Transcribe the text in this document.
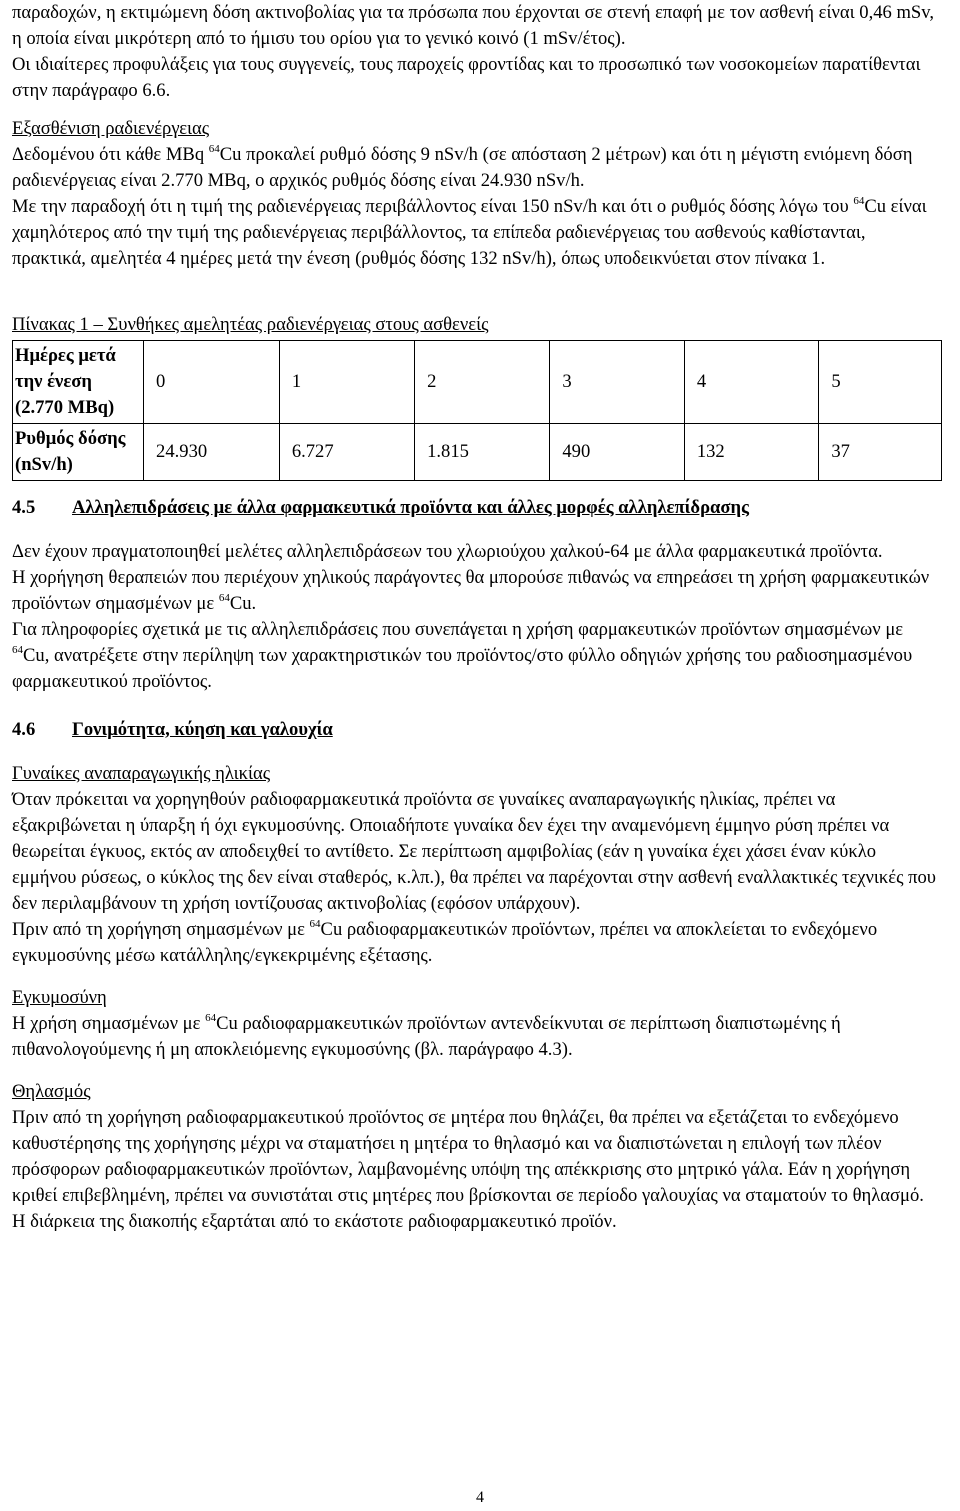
παραδοχών, η εκτιμώμενη δόση ακτινοβολίας για τα πρόσωπα που έρχονται σε στενή επαφή με τον ασθενή είναι 0,46 mSv, η οποία είναι μικρότερη από το ήμισυ του ορίου για το γενικό κοινό (1 mSv/έτος).

Οι ιδιαίτερες προφυλάξεις για τους συγγενείς, τους παροχείς φροντίδας και το προσωπικό των νοσοκομείων παρατίθενται στην παράγραφο 6.6.

Εξασθένιση ραδιενέργειας

Δεδομένου ότι κάθε MBq $^{64}$Cu προκαλεί ρυθμό δόσης 9 nSv/h (σε απόσταση 2 μέτρων) και ότι η μέγιστη ενιόμενη δόση ραδιενέργειας είναι 2.770 MBq, ο αρχικός ρυθμός δόσης είναι 24.930 nSv/h.

Με την παραδοχή ότι η τιμή της ραδιενέργειας περιβάλλοντος είναι 150 nSv/h και ότι ο ρυθμός δόσης λόγω του $^{64}$Cu είναι χαμηλότερος από την τιμή της ραδιενέργειας περιβάλλοντος, τα επίπεδα ραδιενέργειας του ασθενούς καθίστανται, πρακτικά, αμελητέα 4 ημέρες μετά την ένεση (ρυθμός δόσης 132 nSv/h), όπως υποδεικνύεται στον πίνακα 1.

Πίνακας 1 – Συνθήκες αμελητέας ραδιενέργειας στους ασθενείς

Ημέρες μετά την ένεση (2.770 MBq)	0	1	2	3	4	5
Ρυθμός δόσης (nSv/h)	24.930	6.727	1.815	490	132	37
4.5	Αλληλεπιδράσεις με άλλα φαρμακευτικά προϊόντα και άλλες μορφές αλληλεπίδρασης

Δεν έχουν πραγματοποιηθεί μελέτες αλληλεπιδράσεων του χλωριούχου χαλκού-64 με άλλα φαρμακευτικά προϊόντα.

Η χορήγηση θεραπειών που περιέχουν χηλικούς παράγοντες θα μπορούσε πιθανώς να επηρεάσει τη χρήση φαρμακευτικών προϊόντων σημασμένων με $^{64}$Cu.

Για πληροφορίες σχετικά με τις αλληλεπιδράσεις που συνεπάγεται η χρήση φαρμακευτικών προϊόντων σημασμένων με $^{64}$Cu, ανατρέξετε στην περίληψη των χαρακτηριστικών του προϊόντος/στο φύλλο οδηγιών χρήσης του ραδιοσημασμένου φαρμακευτικού προϊόντος.

4.6	Γονιμότητα, κύηση και γαλουχία

Γυναίκες αναπαραγωγικής ηλικίας

Όταν πρόκειται να χορηγηθούν ραδιοφαρμακευτικά προϊόντα σε γυναίκες αναπαραγωγικής ηλικίας, πρέπει να εξακριβώνεται η ύπαρξη ή όχι εγκυμοσύνης. Οποιαδήποτε γυναίκα δεν έχει την αναμενόμενη έμμηνο ρύση πρέπει να θεωρείται έγκυος, εκτός αν αποδειχθεί το αντίθετο. Σε περίπτωση αμφιβολίας (εάν η γυναίκα έχει χάσει έναν κύκλο εμμήνου ρύσεως, ο κύκλος της δεν είναι σταθερός, κ.λπ.), θα πρέπει να παρέχονται στην ασθενή εναλλακτικές τεχνικές που δεν περιλαμβάνουν τη χρήση ιοντίζουσας ακτινοβολίας (εφόσον υπάρχουν).

Πριν από τη χορήγηση σημασμένων με $^{64}$Cu ραδιοφαρμακευτικών προϊόντων, πρέπει να αποκλείεται το ενδεχόμενο εγκυμοσύνης μέσω κατάλληλης/εγκεκριμένης εξέτασης.

Εγκυμοσύνη

Η χρήση σημασμένων με $^{64}$Cu ραδιοφαρμακευτικών προϊόντων αντενδείκνυται σε περίπτωση διαπιστωμένης ή πιθανολογούμενης ή μη αποκλειόμενης εγκυμοσύνης (βλ. παράγραφο 4.3).

Θηλασμός

Πριν από τη χορήγηση ραδιοφαρμακευτικού προϊόντος σε μητέρα που θηλάζει, θα πρέπει να εξετάζεται το ενδεχόμενο καθυστέρησης της χορήγησης μέχρι να σταματήσει η μητέρα το θηλασμό και να διαπιστώνεται η επιλογή των πλέον πρόσφορων ραδιοφαρμακευτικών προϊόντων, λαμβανομένης υπόψη της απέκκρισης στο μητρικό γάλα. Εάν η χορήγηση κριθεί επιβεβλημένη, πρέπει να συνιστάται στις μητέρες που βρίσκονται σε περίοδο γαλουχίας να σταματούν το θηλασμό. Η διάρκεια της διακοπής εξαρτάται από το εκάστοτε ραδιοφαρμακευτικό προϊόν.

4
